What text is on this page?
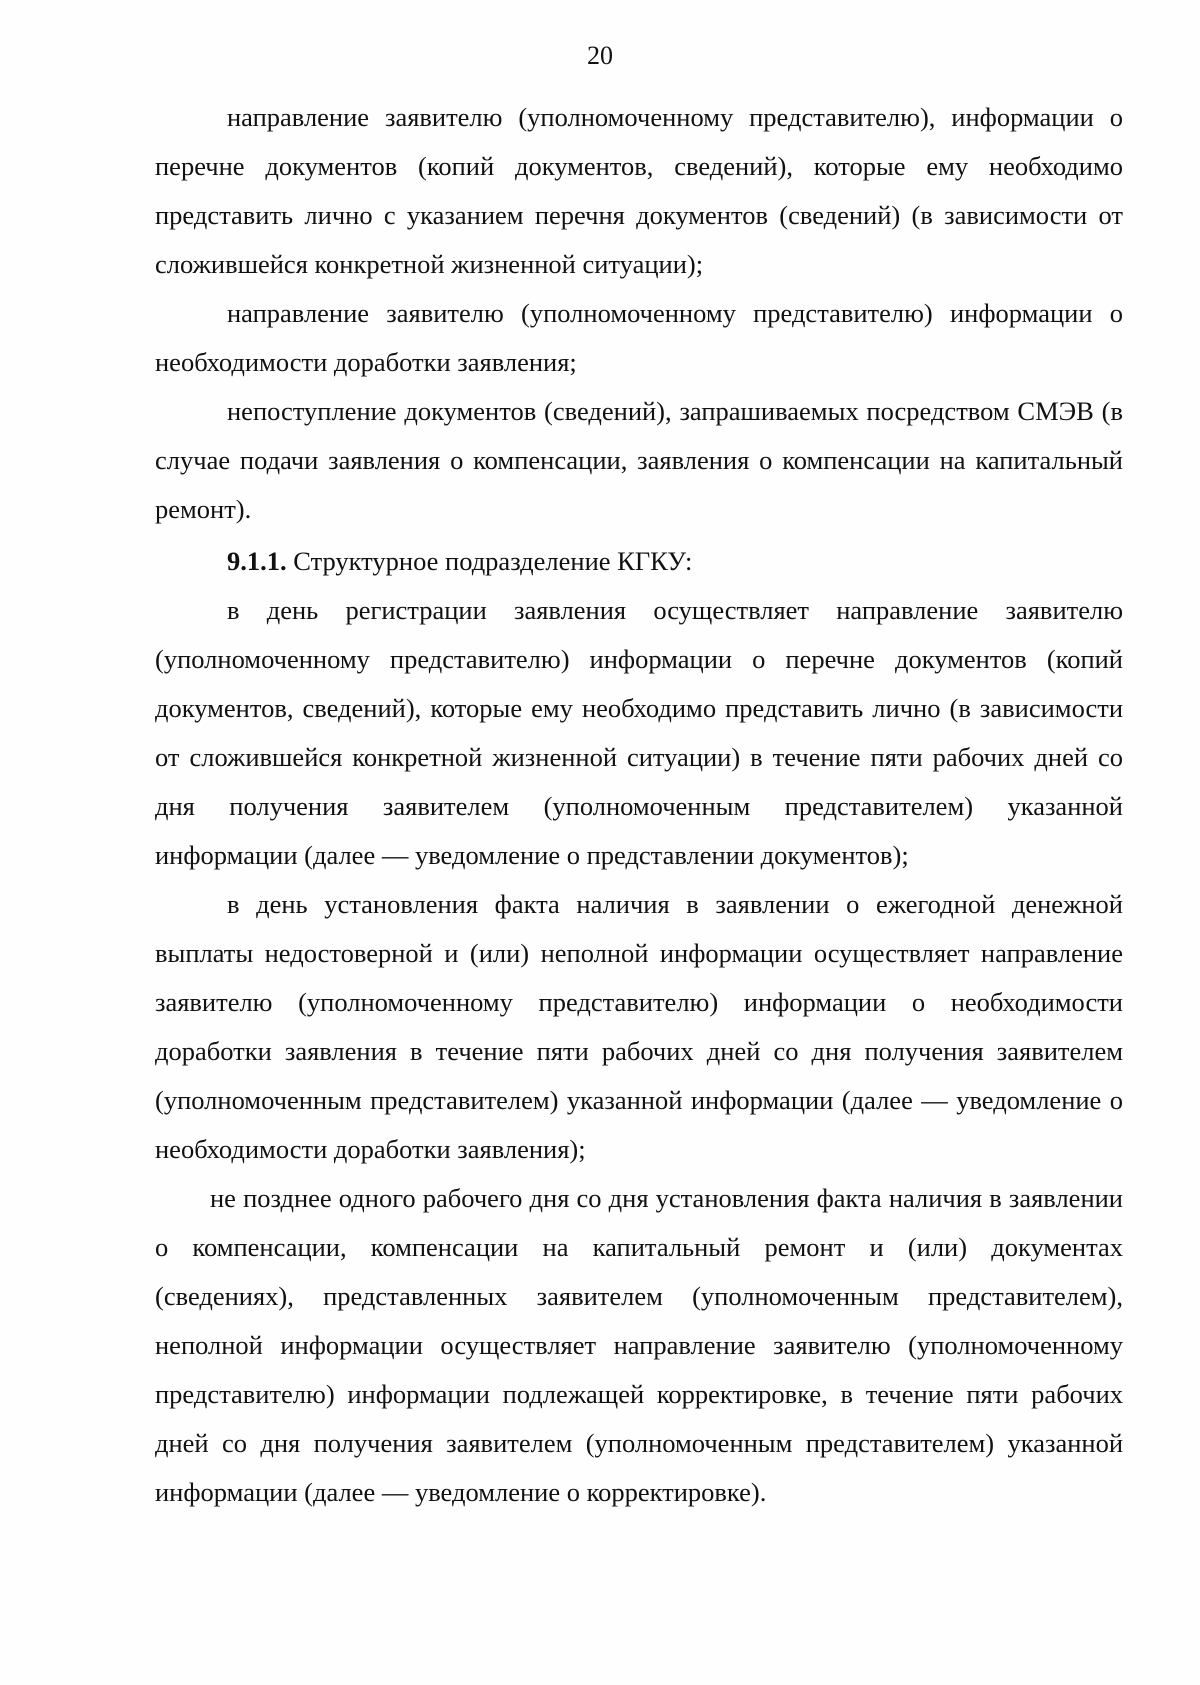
20

направление заявителю (уполномоченному представителю), информации о перечне документов (копий документов, сведений), которые ему необходимо представить лично с указанием перечня документов (сведений) (в зависимости от сложившейся конкретной жизненной ситуации);

направление заявителю (уполномоченному представителю) информации о необходимости доработки заявления;

непоступление документов (сведений), запрашиваемых посредством СМЭВ (в случае подачи заявления о компенсации, заявления о компенсации на капитальный ремонт).

9.1.1. Структурное подразделение КГКУ:

в день регистрации заявления осуществляет направление заявителю (уполномоченному представителю) информации о перечне документов (копий документов, сведений), которые ему необходимо представить лично (в зависимости от сложившейся конкретной жизненной ситуации) в течение пяти рабочих дней со дня получения заявителем (уполномоченным представителем) указанной информации (далее — уведомление о представлении документов);

в день установления факта наличия в заявлении о ежегодной денежной выплаты недостоверной и (или) неполной информации осуществляет направление заявителю (уполномоченному представителю) информации о необходимости доработки заявления в течение пяти рабочих дней со дня получения заявителем (уполномоченным представителем) указанной информации (далее — уведомление о необходимости доработки заявления);

не позднее одного рабочего дня со дня установления факта наличия в заявлении о компенсации, компенсации на капитальный ремонт и (или) документах (сведениях), представленных заявителем (уполномоченным представителем), неполной информации осуществляет направление заявителю (уполномоченному представителю) информации подлежащей корректировке, в течение пяти рабочих дней со дня получения заявителем (уполномоченным представителем) указанной информации (далее — уведомление о корректировке).
